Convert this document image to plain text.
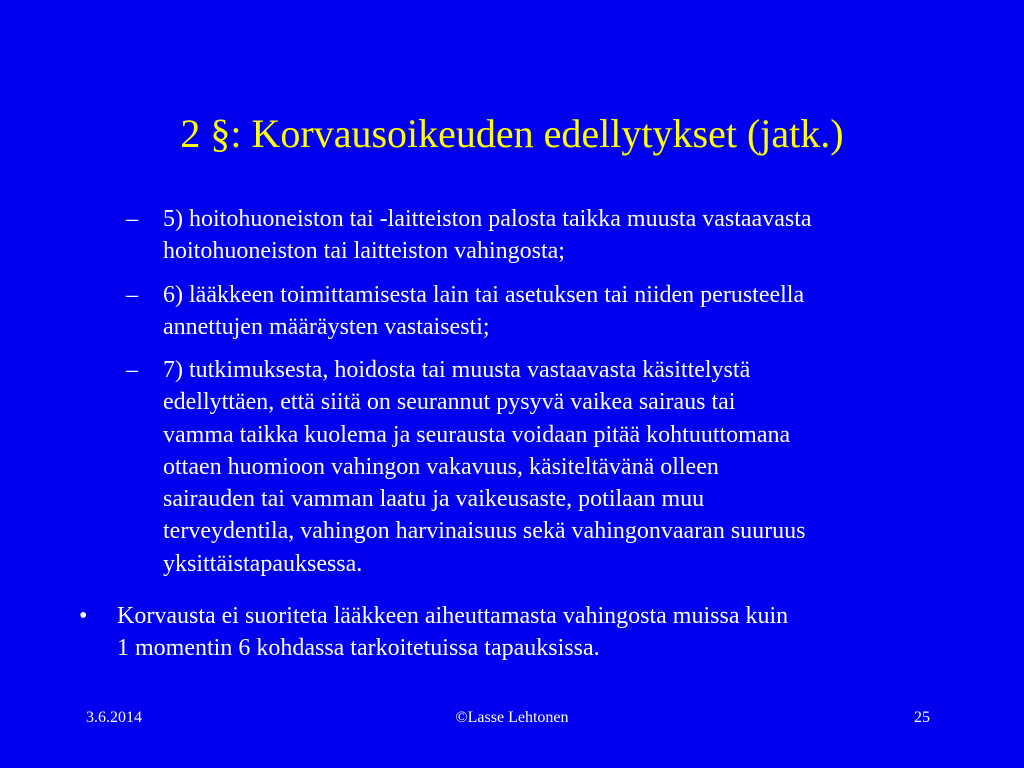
2 §: Korvausoikeuden edellytykset (jatk.)
–	5) hoitohuoneiston tai -laitteiston palosta taikka muusta vastaavasta
hoitohuoneiston tai laitteiston vahingosta;
–	6) lääkkeen toimittamisesta lain tai asetuksen tai niiden perusteella
annettujen määräysten vastaisesti;
–	7) tutkimuksesta, hoidosta tai muusta vastaavasta käsittelystä
edellyttäen, että siitä on seurannut pysyvä vaikea sairaus tai
vamma taikka kuolema ja seurausta voidaan pitää kohtuuttomana
ottaen huomioon vahingon vakavuus, käsiteltävänä olleen
sairauden tai vamman laatu ja vaikeusaste, potilaan muu
terveydentila, vahingon harvinaisuus sekä vahingonvaaran suuruus
yksittäistapauksessa.
• Korvausta ei suoriteta lääkkeen aiheuttamasta vahingosta muissa kuin
1 momentin 6 kohdassa tarkoitetuissa tapauksissa.
3.6.2014	©Lasse Lehtonen	25
